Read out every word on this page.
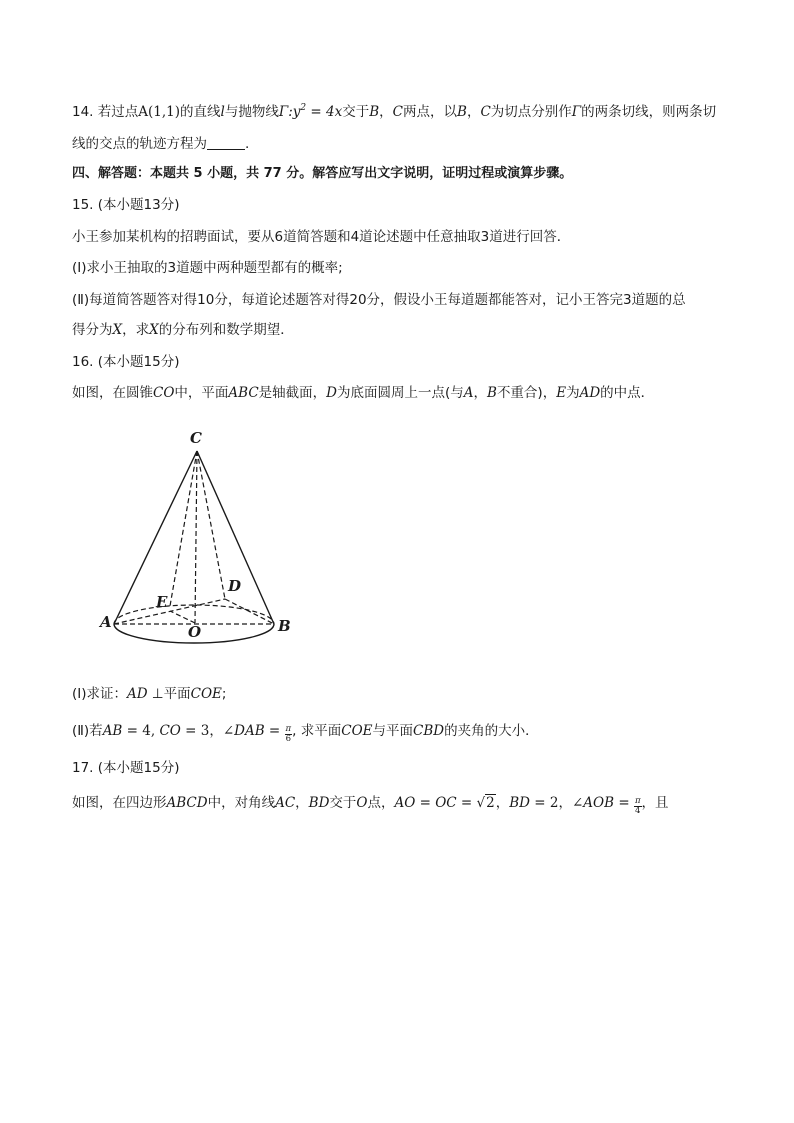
14. 若过点A(1,1)的直线l与抛物线$\Gamma:y^2 = 4x$交于B，C两点，以B，C为切点分别作Γ的两条切线，则两条切
线的交点的轨迹方程为	.
四、解答题：本题共 5 小题，共 77 分。解答应写出文字说明，证明过程或演算步骤。
15. (本小题13分)
小王参加某机构的招聘面试，要从6道简答题和4道论述题中任意抽取3道进行回答．
(Ⅰ)求小王抽取的3道题中两种题型都有的概率;
(Ⅱ)每道简答题答对得10分，每道论述题答对得20分，假设小王每道题都能答对，记小王答完3道题的总
得分为X，求X的分布列和数学期望．
16. (本小题15分)
如图，在圆锥CO中，平面ABC是轴截面，D为底面圆周上一点(与A，B不重合)，E为AD的中点．
C
A	B
O
D
E
(Ⅰ)求证：AD ⊥平面COE;
(Ⅱ)若AB = 4, CO = 3，∠DAB = $\frac{\pi}{6}$ , 求平面COE与平面CBD的夹角的大小．
17. (本小题15分)
如图，在四边形ABCD中，对角线AC，BD交于O点，AO = OC = √2，BD = 2，∠AOB = $\frac{\pi}{4}$ ，且
